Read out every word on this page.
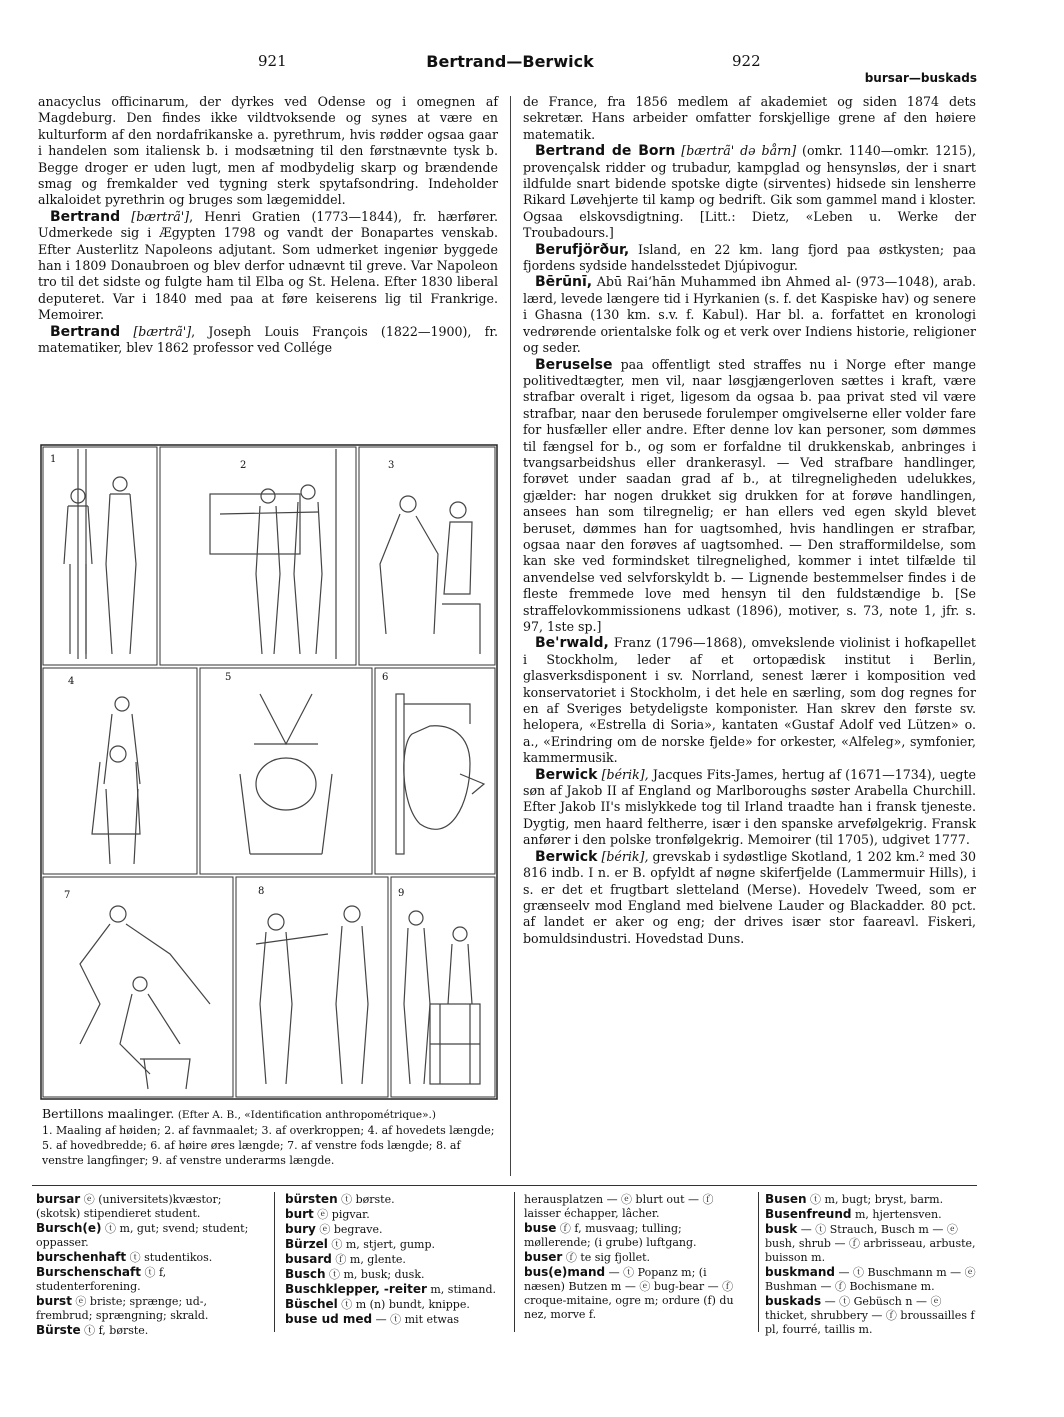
921	Bertrand—Berwick	922
bursar—buskads

anacyclus officinarum, der dyrkes ved Odense og i omegnen af Magdeburg. Den findes ikke vildtvoksende og synes at være en kulturform af den nordafrikanske a. pyrethrum, hvis rødder ogsaa gaar i handelen som italiensk b. i modsætning til den førstnævnte tysk b. Begge droger er uden lugt, men af modbydelig skarp og brændende smag og fremkalder ved tygning sterk spytafsondring. Indeholder alkaloidet pyrethrin og bruges som lægemiddel.

Bertrand [bærtrã'], Henri Gratien (1773—1844), fr. hærfører. Udmerkede sig i Ægypten 1798 og vandt der Bonapartes venskab. Efter Austerlitz Napoleons adjutant. Som udmerket ingeniør byggede han i 1809 Donaubroen og blev derfor udnævnt til greve. Var Napoleon tro til det sidste og fulgte ham til Elba og St. Helena. Efter 1830 liberal deputeret. Var i 1840 med paa at føre keiserens lig til Frankrige. Memoirer.

Bertrand [bærtrã'], Joseph Louis François (1822—1900), fr. matematiker, blev 1862 professor ved Collége

1
2	3
4	5	6
7	8	9
Bertillons maalinger. (Efter A. B., «Identification anthropométrique».)
1. Maaling af høiden; 2. af favnmaalet; 3. af overkroppen; 4. af hovedets længde; 5. af hovedbredde; 6. af høire øres længde; 7. af venstre fods længde; 8. af venstre langfinger; 9. af venstre underarms længde.

de France, fra 1856 medlem af akademiet og siden 1874 dets sekretær. Hans arbeider omfatter forskjellige grene af den høiere matematik.

Bertrand de Born [bærtrã' də bårn] (omkr. 1140—omkr. 1215), provençalsk ridder og trubadur, kampglad og hensynsløs, der i snart ildfulde snart bidende spotske digte (sirventes) hidsede sin lensherre Rikard Løvehjerte til kamp og bedrift. Gik som gammel mand i kloster. Ogsaa elskovsdigtning. [Litt.: Dietz, «Leben u. Werke der Troubadours.]

Berufjörður, Island, en 22 km. lang fjord paa østkysten; paa fjordens sydside handelsstedet Djúpivogur.

Bērūnī, Abū Raiʻhān Muhammed ibn Ahmed al- (973—1048), arab. lærd, levede længere tid i Hyrkanien (s. f. det Kaspiske hav) og senere i Ghasna (130 km. s.v. f. Kabul). Har bl. a. forfattet en kronologi vedrørende orientalske folk og et verk over Indiens historie, religioner og seder.

Beruselse paa offentligt sted straffes nu i Norge efter mange politivedtægter, men vil, naar løsgjængerloven sættes i kraft, være strafbar overalt i riget, ligesom da ogsaa b. paa privat sted vil være strafbar, naar den berusede forulemper omgivelserne eller volder fare for husfæller eller andre. Efter denne lov kan personer, som dømmes til fængsel for b., og som er forfaldne til drukkenskab, anbringes i tvangsarbeidshus eller drankerasyl. — Ved strafbare handlinger, forøvet under saadan grad af b., at tilregneligheden udelukkes, gjælder: har nogen drukket sig drukken for at forøve handlingen, ansees han som tilregnelig; er han ellers ved egen skyld blevet beruset, dømmes han for uagtsomhed, hvis handlingen er strafbar, ogsaa naar den forøves af uagtsomhed. — Den strafformildelse, som kan ske ved formindsket tilregnelighed, kommer i intet tilfælde til anvendelse ved selvforskyldt b. — Lignende bestemmelser findes i de fleste fremmede love med hensyn til den fuldstændige b. [Se straffelovkommissionens udkast (1896), motiver, s. 73, note 1, jfr. s. 97, 1ste sp.]

Be'rwald, Franz (1796—1868), omvekslende violinist i hofkapellet i Stockholm, leder af et ortopædisk institut i Berlin, glasverksdisponent i sv. Norrland, senest lærer i komposition ved konservatoriet i Stockholm, i det hele en særling, som dog regnes for en af Sveriges betydeligste komponister. Han skrev den første sv. helopera, «Estrella di Soria», kantaten «Gustaf Adolf ved Lützen» o. a., «Erindring om de norske fjelde» for orkester, «Alfeleg», symfonier, kammermusik.

Berwick [bérik], Jacques Fits-James, hertug af (1671—1734), uegte søn af Jakob II af England og Marlboroughs søster Arabella Churchill. Efter Jakob II's mislykkede tog til Irland traadte han i fransk tjeneste. Dygtig, men haard feltherre, især i den spanske arvefølgekrig. Fransk anfører i den polske tronfølgekrig. Memoirer (til 1705), udgivet 1777.

Berwick [bérik], grevskab i sydøstlige Skotland, 1 202 km.² med 30 816 indb. I n. er B. opfyldt af nøgne skiferfjelde (Lammermuir Hills), i s. er det et frugtbart sletteland (Merse). Hovedelv Tweed, som er grænseelv mod England med bielvene Lauder og Blackadder. 80 pct. af landet er aker og eng; der drives især stor faareavl. Fiskeri, bomuldsindustri. Hovedstad Duns.

bursar ⓔ (universitets)kvæstor; (skotsk) stipendieret student.

Bursch(e) ⓣ m, gut; svend; student; oppasser.

burschenhaft ⓣ studentikos.

Burschenschaft ⓣ f, studenterforening.

burst ⓔ briste; sprænge; ud-, frembrud; sprængning; skrald.

Bürste ⓣ f, børste.

bürsten ⓣ børste.

burt ⓔ pigvar.

bury ⓔ begrave.

Bürzel ⓣ m, stjert, gump.

busard ⓕ m, glente.

Busch ⓣ m, busk; dusk.

Buschklepper, -reiter m, stimand.

Büschel ⓣ m (n) bundt, knippe.

buse ud med — ⓣ mit etwas

herausplatzen — ⓔ blurt out — ⓕ laisser échapper, lâcher.

buse ⓕ f, musvaag; tulling; møllerende; (i grube) luftgang.

buser ⓕ te sig fjollet.

bus(e)mand — ⓣ Popanz m; (i næsen) Butzen m — ⓔ bug-bear — ⓕ croque-mitaine, ogre m; ordure (f) du nez, morve f.

Busen ⓣ m, bugt; bryst, barm.

Busenfreund m, hjertensven.

busk — ⓣ Strauch, Busch m — ⓔ bush, shrub — ⓕ arbrisseau, arbuste, buisson m.

buskmand — ⓣ Buschmann m — ⓔ Bushman — ⓕ Bochismane m.

buskads — ⓣ Gebüsch n — ⓔ thicket, shrubbery — ⓕ broussailles f pl, fourré, taillis m.
